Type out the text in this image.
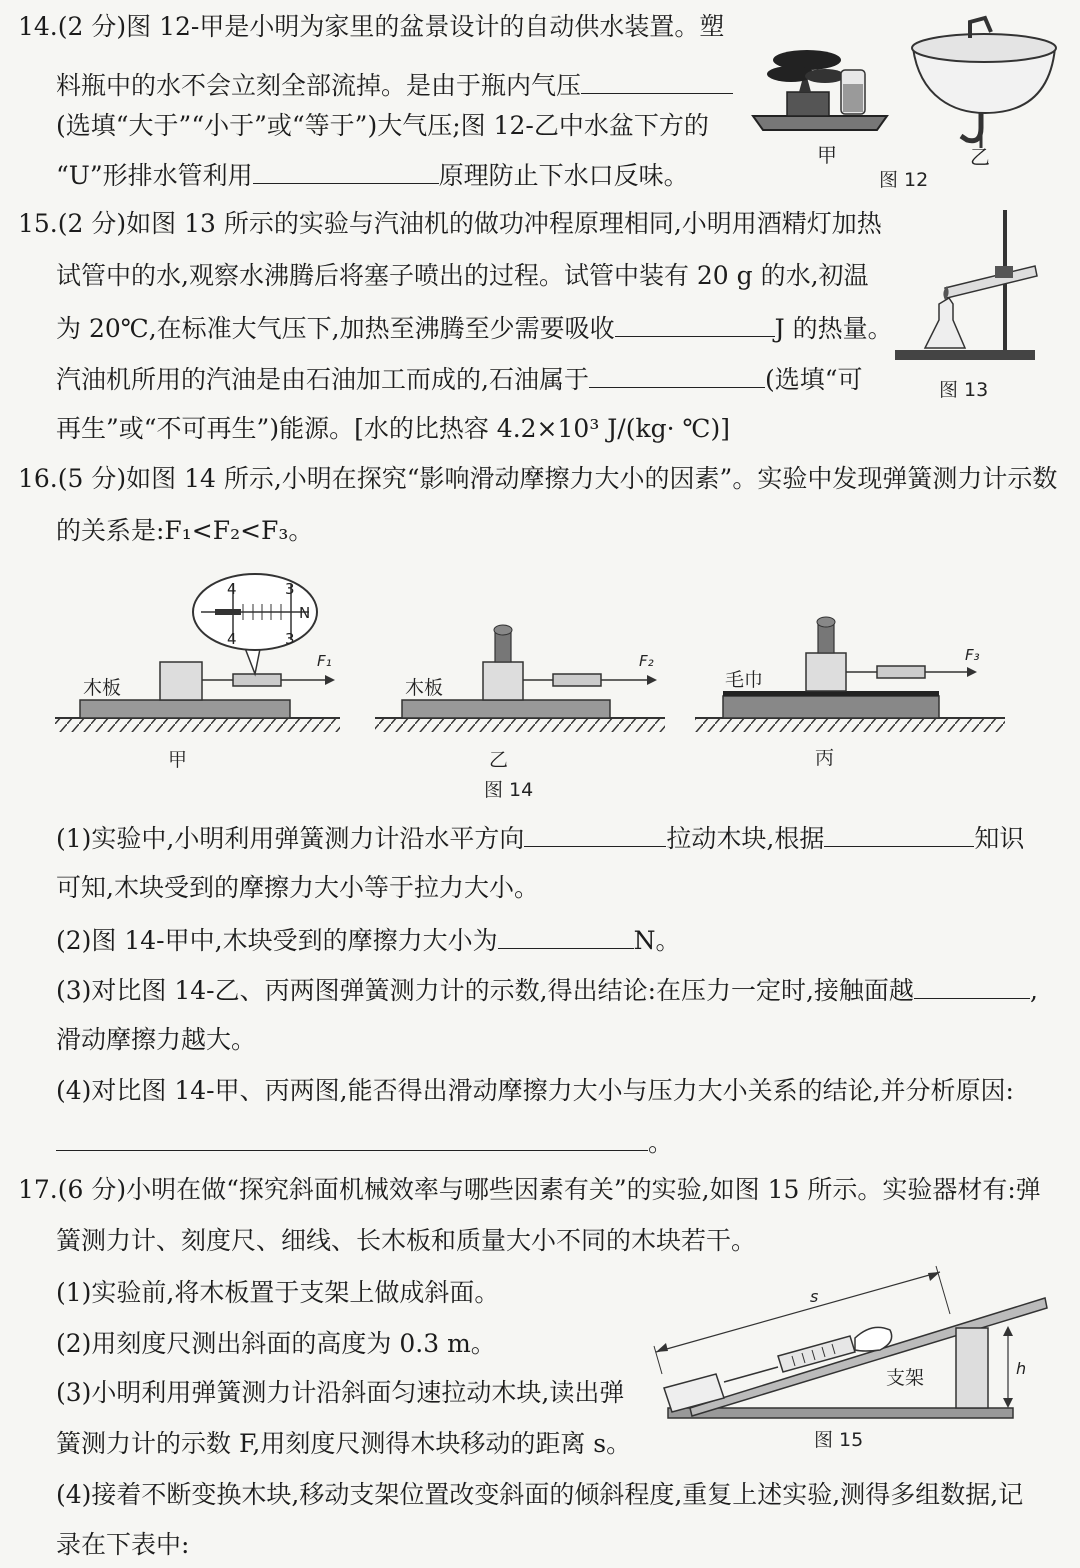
14.(2 分)图 12-甲是小明为家里的盆景设计的自动供水装置。塑
料瓶中的水不会立刻全部流掉。是由于瓶内气压
(选填“大于”“小于”或“等于”)大气压;图 12-乙中水盆下方的
“U”形排水管利用	原理防止下水口反味。
甲	乙
图 12
15.(2 分)如图 13 所示的实验与汽油机的做功冲程原理相同,小明用酒精灯加热
试管中的水,观察水沸腾后将塞子喷出的过程。试管中装有 20 g 的水,初温
为 20℃,在标准大气压下,加热至沸腾至少需要吸收	J 的热量。
汽油机所用的汽油是由石油加工而成的,石油属于	(选填“可
再生”或“不可再生”)能源。[水的比热容 4.2×10³ J/(kg· ℃)]
图 13
16.(5 分)如图 14 所示,小明在探究“影响滑动摩擦力大小的因素”。实验中发现弹簧测力计示数
的关系是:F₁<F₂<F₃。
F₁
木板
4	3
N
4	3
甲
F₂
木板
乙
F₃
毛巾
丙
图 14
(1)实验中,小明利用弹簧测力计沿水平方向	拉动木块,根据	知识
可知,木块受到的摩擦力大小等于拉力大小。
(2)图 14-甲中,木块受到的摩擦力大小为	N。
(3)对比图 14-乙、丙两图弹簧测力计的示数,得出结论:在压力一定时,接触面越	,
滑动摩擦力越大。
(4)对比图 14-甲、丙两图,能否得出滑动摩擦力大小与压力大小关系的结论,并分析原因:
。
17.(6 分)小明在做“探究斜面机械效率与哪些因素有关”的实验,如图 15 所示。实验器材有:弹
簧测力计、刻度尺、细线、长木板和质量大小不同的木块若干。
(1)实验前,将木板置于支架上做成斜面。
(2)用刻度尺测出斜面的高度为 0.3 m。
(3)小明利用弹簧测力计沿斜面匀速拉动木块,读出弹
簧测力计的示数 F,用刻度尺测得木块移动的距离 s。
(4)接着不断变换木块,移动支架位置改变斜面的倾斜程度,重复上述实验,测得多组数据,记
录在下表中:
s
h
支架
图 15
